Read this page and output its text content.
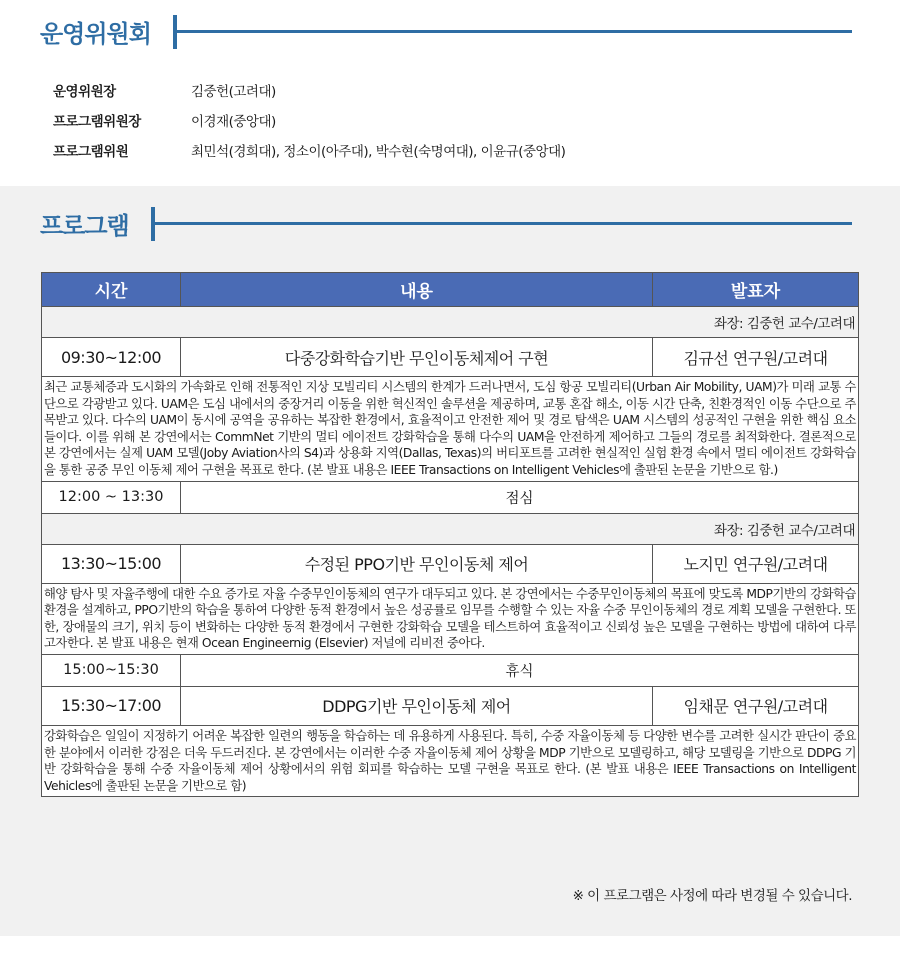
운영위원회
운영위원장	김중헌(고려대)
프로그램위원장	이경재(중앙대)
프로그램위원	최민석(경희대), 정소이(아주대), 박수현(숙명여대), 이윤규(중앙대)
프로그램
시간	내용	발표자
좌장: 김중헌 교수/고려대		
09:30~12:00	다중강화학습기반 무인이동체제어 구현	김규선 연구원/고려대
최근 교통체증과 도시화의 가속화로 인해 전통적인 지상 모빌리티 시스템의 한계가 드러나면서, 도심 항공 모빌리티(Urban Air Mobility, UAM)가 미래 교통 수단으로 각광받고 있다. UAM은 도심 내에서의 중장거리 이동을 위한 혁신적인 솔루션을 제공하며, 교통 혼잡 해소, 이동 시간 단축, 친환경적인 이동 수단으로 주목받고 있다. 다수의 UAM이 동시에 공역을 공유하는 복잡한 환경에서, 효율적이고 안전한 제어 및 경로 탐색은 UAM 시스템의 성공적인 구현을 위한 핵심 요소들이다. 이를 위해 본 강연에서는 CommNet 기반의 멀티 에이전트 강화학습을 통해 다수의 UAM을 안전하게 제어하고 그들의 경로를 최적화한다. 결론적으로 본 강연에서는 실제 UAM 모델(Joby Aviation사의 S4)과 상용화 지역(Dallas, Texas)의 버티포트를 고려한 현실적인 실험 환경 속에서 멀티 에이전트 강화학습을 통한 공중 무인 이동체 제어 구현을 목표로 한다. (본 발표 내용은 IEEE Transactions on Intelligent Vehicles에 출판된 논문을 기반으로 함.)		
12:00 ~ 13:30	점심	
좌장: 김중헌 교수/고려대		
13:30~15:00	수정된 PPO기반 무인이동체 제어	노지민 연구원/고려대
해양 탐사 및 자율주행에 대한 수요 증가로 자율 수중무인이동체의 연구가 대두되고 있다. 본 강연에서는 수중무인이동체의 목표에 맞도록 MDP기반의 강화학습 환경을 설계하고, PPO기반의 학습을 통하여 다양한 동적 환경에서 높은 성공률로 임무를 수행할 수 있는 자율 수중 무인이동체의 경로 계획 모델을 구현한다. 또한, 장애물의 크기, 위치 등이 변화하는 다양한 동적 환경에서 구현한 강화학습 모델을 테스트하여 효율적이고 신뢰성 높은 모델을 구현하는 방법에 대하여 다루고자한다. 본 발표 내용은 현재 Ocean Engineernig (Elsevier) 저널에 리비전 중아다.		
15:00~15:30	휴식	
15:30~17:00	DDPG기반 무인이동체 제어	임채문 연구원/고려대
강화학습은 일일이 지정하기 어려운 복잡한 일련의 행동을 학습하는 데 유용하게 사용된다. 특히, 수중 자율이동체 등 다양한 변수를 고려한 실시간 판단이 중요한 분야에서 이러한 강점은 더욱 두드러진다. 본 강연에서는 이러한 수중 자율이동체 제어 상황을 MDP 기반으로 모델링하고, 해당 모델링을 기반으로 DDPG 기반 강화학습을 통해 수중 자율이동체 제어 상황에서의 위험 회피를 학습하는 모델 구현을 목표로 한다. (본 발표 내용은 IEEE Transactions on Intelligent Vehicles에 출판된 논문을 기반으로 함)		
※ 이 프로그램은 사정에 따라 변경될 수 있습니다.
